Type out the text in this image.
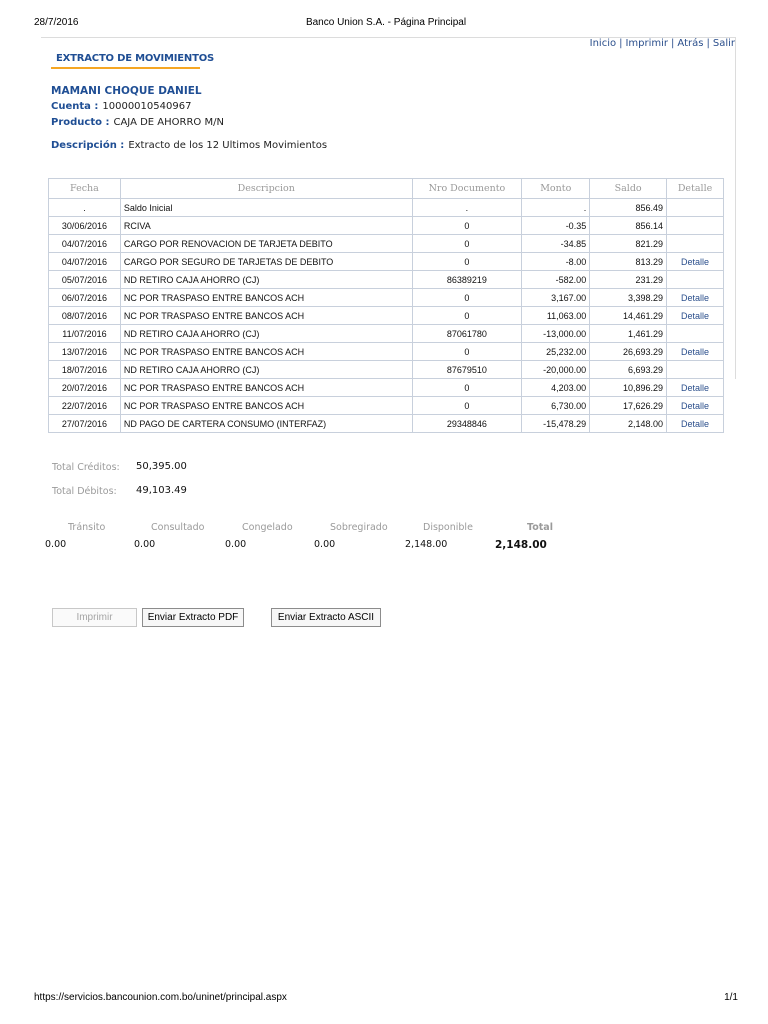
28/7/2016	Banco Union S.A. - Página Principal
Inicio | Imprimir | Atrás | Salir
EXTRACTO DE MOVIMIENTOS
MAMANI CHOQUE DANIEL
Cuenta : 10000010540967
Producto : CAJA DE AHORRO M/N
Descripción : Extracto de los 12 Ultimos Movimientos
Fecha	Descripcion	Nro Documento	Monto	Saldo	Detalle
.	Saldo Inicial	.	.	856.49	
30/06/2016	RCIVA	0	-0.35	856.14	
04/07/2016	CARGO POR RENOVACION DE TARJETA DEBITO	0	-34.85	821.29	
04/07/2016	CARGO POR SEGURO DE TARJETAS DE DEBITO	0	-8.00	813.29	Detalle
05/07/2016	ND RETIRO CAJA AHORRO (CJ)	86389219	-582.00	231.29	
06/07/2016	NC POR TRASPASO ENTRE BANCOS ACH	0	3,167.00	3,398.29	Detalle
08/07/2016	NC POR TRASPASO ENTRE BANCOS ACH	0	11,063.00	14,461.29	Detalle
11/07/2016	ND RETIRO CAJA AHORRO (CJ)	87061780	-13,000.00	1,461.29	
13/07/2016	NC POR TRASPASO ENTRE BANCOS ACH	0	25,232.00	26,693.29	Detalle
18/07/2016	ND RETIRO CAJA AHORRO (CJ)	87679510	-20,000.00	6,693.29	
20/07/2016	NC POR TRASPASO ENTRE BANCOS ACH	0	4,203.00	10,896.29	Detalle
22/07/2016	NC POR TRASPASO ENTRE BANCOS ACH	0	6,730.00	17,626.29	Detalle
27/07/2016	ND PAGO DE CARTERA CONSUMO (INTERFAZ)	29348846	-15,478.29	2,148.00	Detalle
Total Créditos: 50,395.00
Total Débitos: 49,103.49
Tránsito	Consultado	Congelado	Sobregirado	Disponible	Total
0.00	0.00	0.00	0.00	2,148.00	2,148.00
Imprimir	Enviar Extracto PDF	Enviar Extracto ASCII
https://servicios.bancounion.com.bo/uninet/principal.aspx	1/1
